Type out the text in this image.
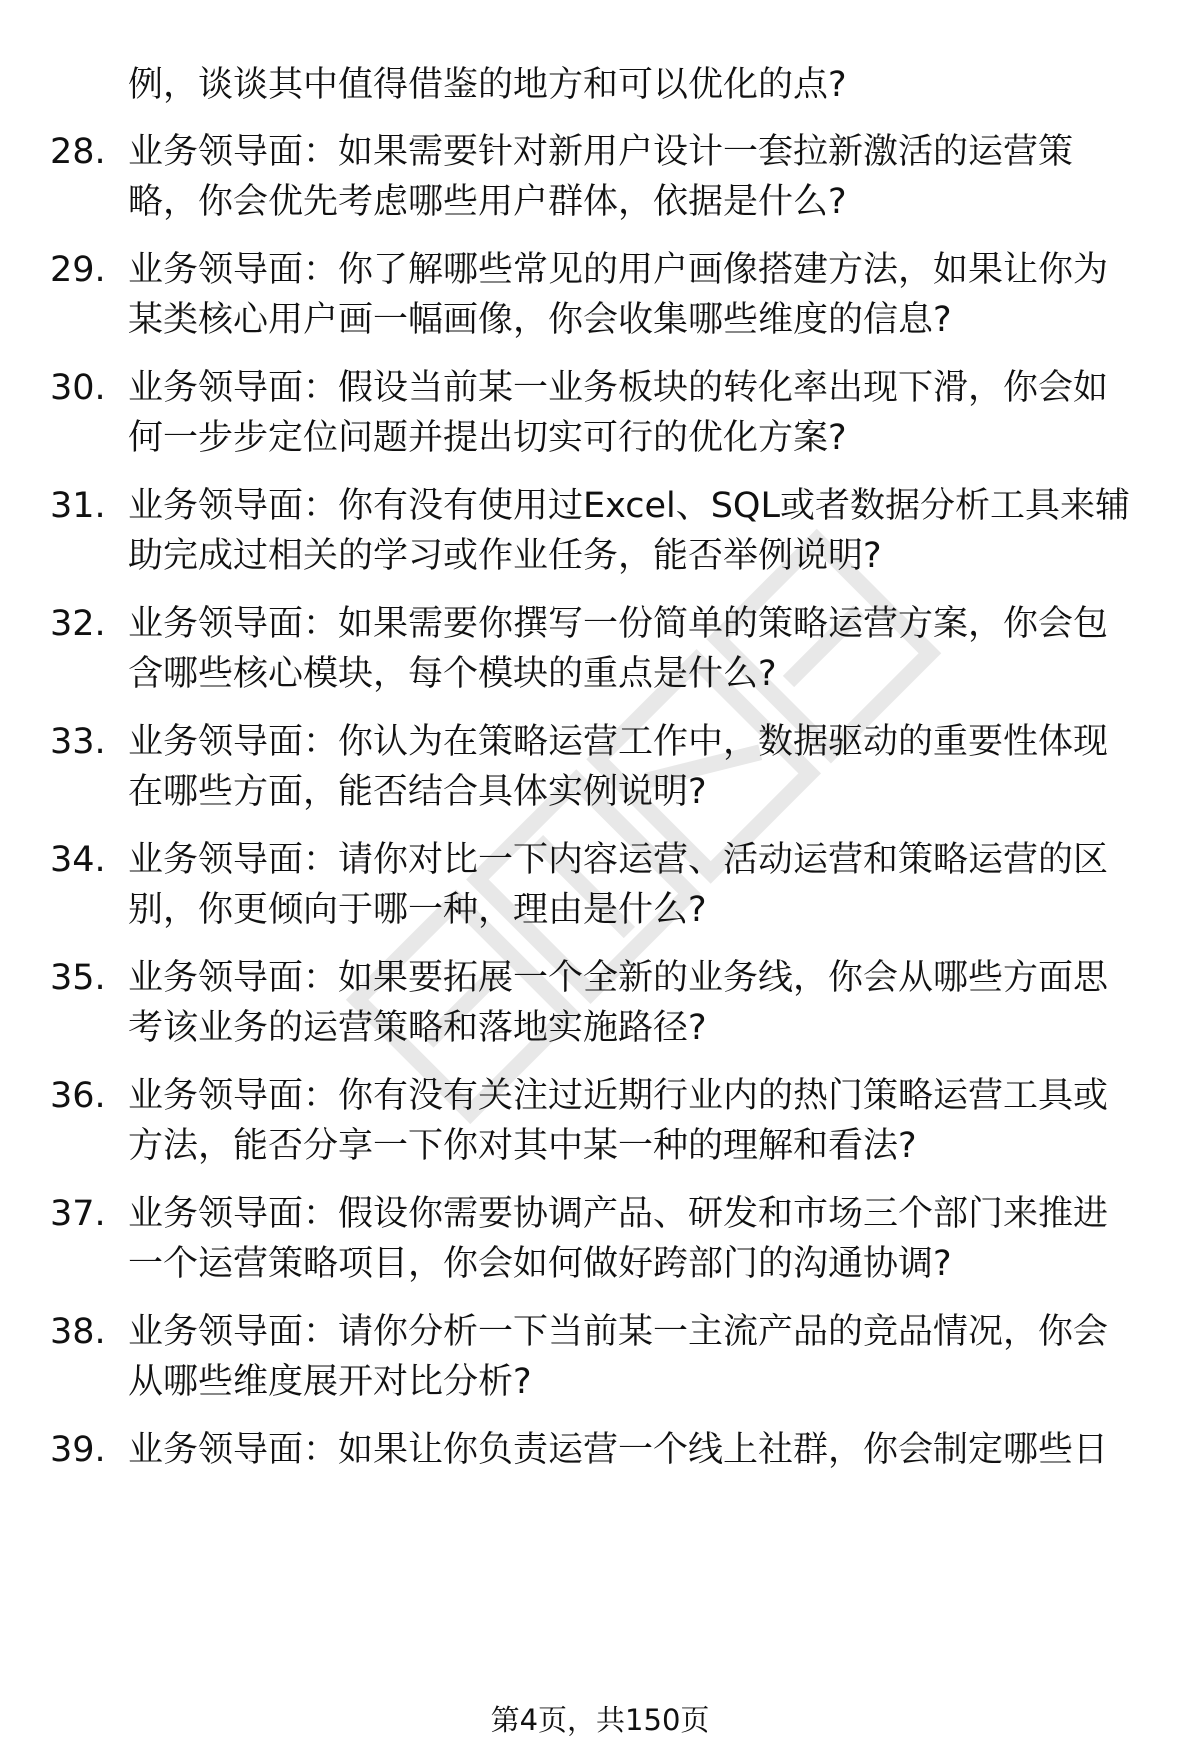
例，谈谈其中值得借鉴的地方和可以优化的点?
28. 业务领导面：如果需要针对新用户设计一套拉新激活的运营策
略，你会优先考虑哪些用户群体，依据是什么?
29. 业务领导面：你了解哪些常见的用户画像搭建方法，如果让你为
某类核心用户画一幅画像，你会收集哪些维度的信息?
30. 业务领导面：假设当前某一业务板块的转化率出现下滑，你会如
何一步步定位问题并提出切实可行的优化方案?
31. 业务领导面：你有没有使用过Excel、SQL或者数据分析工具来辅
助完成过相关的学习或作业任务，能否举例说明?
32. 业务领导面：如果需要你撰写一份简单的策略运营方案，你会包
含哪些核心模块，每个模块的重点是什么?
33. 业务领导面：你认为在策略运营工作中，数据驱动的重要性体现
在哪些方面，能否结合具体实例说明?
34. 业务领导面：请你对比一下内容运营、活动运营和策略运营的区
别，你更倾向于哪一种，理由是什么?
35. 业务领导面：如果要拓展一个全新的业务线，你会从哪些方面思
考该业务的运营策略和落地实施路径?
36. 业务领导面：你有没有关注过近期行业内的热门策略运营工具或
方法，能否分享一下你对其中某一种的理解和看法?
37. 业务领导面：假设你需要协调产品、研发和市场三个部门来推进
一个运营策略项目，你会如何做好跨部门的沟通协调?
38. 业务领导面：请你分析一下当前某一主流产品的竞品情况，你会
从哪些维度展开对比分析?
39. 业务领导面：如果让你负责运营一个线上社群，你会制定哪些日
第4页，共150页
